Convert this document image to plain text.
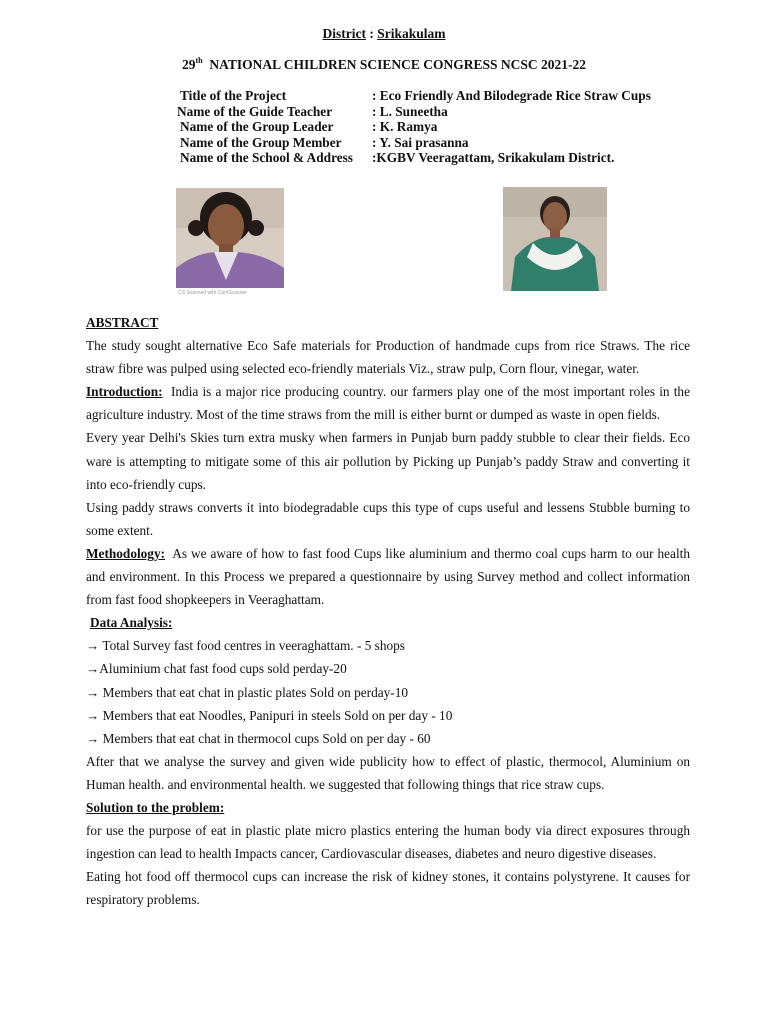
District : Srikakulam
29th  NATIONAL CHILDREN SCIENCE CONGRESS NCSC 2021-22
Title of the Project	: Eco Friendly And Bilodegrade Rice Straw Cups
Name of the Guide Teacher	: L. Suneetha
Name of the Group Leader	: K. Ramya
Name of the Group Member	: Y. Sai prasanna
Name of the School & Address	:KGBV Veeragattam, Srikakulam District.
CS Scanned with CamScanner

ABSTRACT

The study sought alternative Eco Safe materials for Production of handmade cups from rice Straws. The rice straw fibre was pulped using selected eco-friendly materials Viz., straw pulp, Corn flour, vinegar, water.

Introduction:  India is a major rice producing country. our farmers play one of the most important roles in the agriculture industry. Most of the time straws from the mill is either burnt or dumped as waste in open fields.

Every year Delhi's Skies turn extra musky when farmers in Punjab burn paddy stubble to clear their fields. Eco ware is attempting to mitigate some of this air pollution by Picking up Punjab’s paddy Straw and converting it into eco-friendly cups.

Using paddy straws converts it into biodegradable cups this type of cups useful and lessens Stubble burning to some extent.

Methodology:  As we aware of how to fast food Cups like aluminium and thermo coal cups harm to our health and environment. In this Process we prepared a questionnaire by using Survey method and collect information from fast food shopkeepers in Veeraghattam.

Data Analysis:

→ Total Survey fast food centres in veeraghattam. - 5 shops

→Aluminium chat fast food cups sold perday-20

→ Members that eat chat in plastic plates Sold on perday-10

→ Members that eat Noodles, Panipuri in steels Sold on per day - 10

→ Members that eat chat in thermocol cups Sold on per day - 60

After that we analyse the survey and given wide publicity how to effect of plastic, thermocol, Aluminium on Human health. and environmental health. we suggested that following things that rice straw cups.

Solution to the problem:

for use the purpose of eat in plastic plate micro plastics entering the human body via direct exposures through ingestion can lead to health Impacts cancer, Cardiovascular diseases, diabetes and neuro digestive diseases.

Eating hot food off thermocol cups can increase the risk of kidney stones, it contains polystyrene. It causes for respiratory problems.
